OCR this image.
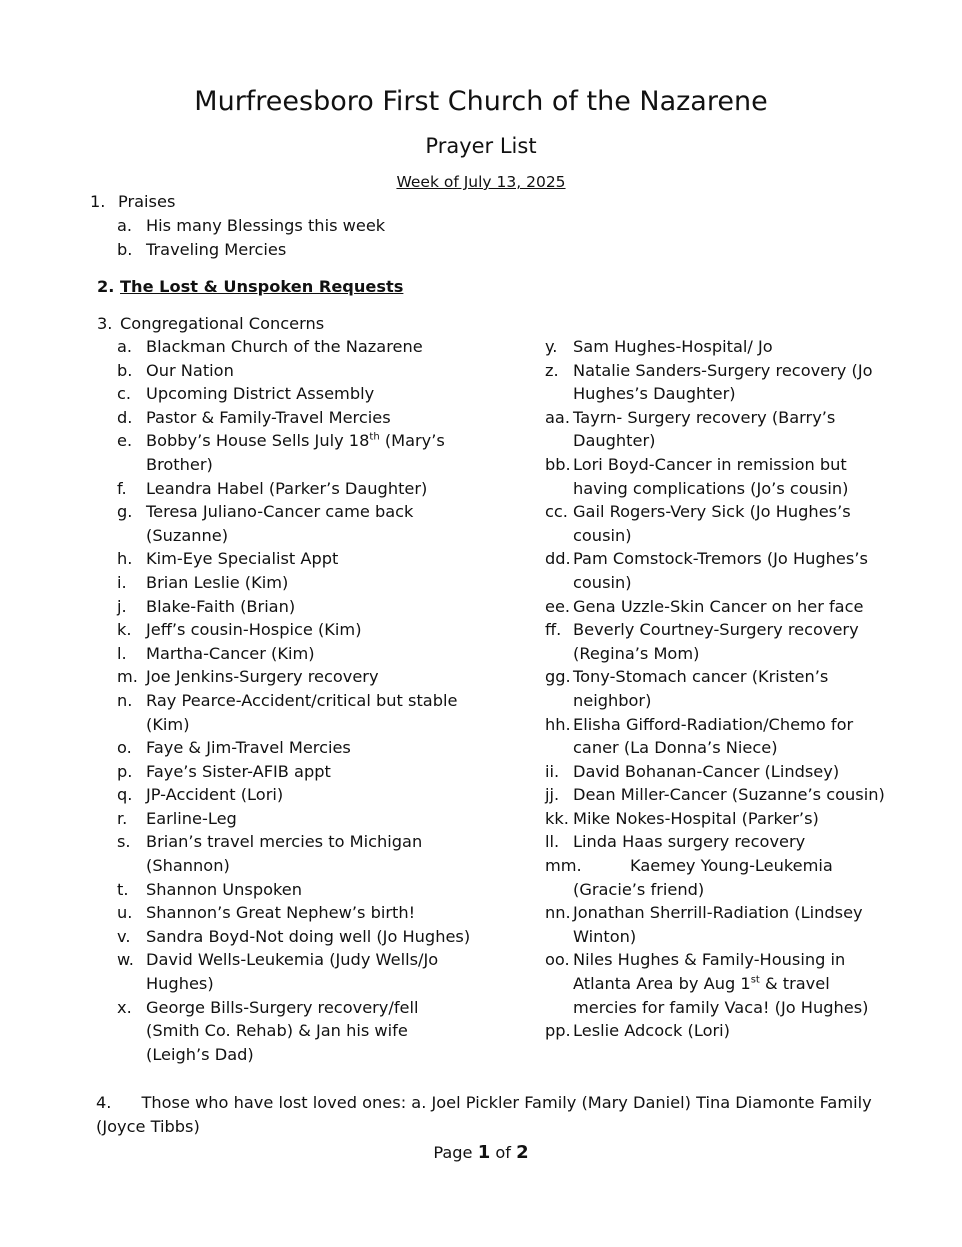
Murfreesboro First Church of the Nazarene
Prayer List
Week of July 13, 2025
1. Praises
a. His many Blessings this week
b. Traveling Mercies
2. The Lost & Unspoken Requests
3. Congregational Concerns
a. Blackman Church of the Nazarene
b. Our Nation
c. Upcoming District Assembly
d. Pastor & Family-Travel Mercies
e. Bobby’s House Sells July 18th (Mary’s Brother)
f. Leandra Habel (Parker’s Daughter)
g. Teresa Juliano-Cancer came back (Suzanne)
h. Kim-Eye Specialist Appt
i. Brian Leslie (Kim)
j. Blake-Faith (Brian)
k. Jeff’s cousin-Hospice (Kim)
l. Martha-Cancer (Kim)
m. Joe Jenkins-Surgery recovery
n. Ray Pearce-Accident/critical but stable (Kim)
o. Faye & Jim-Travel Mercies
p. Faye’s Sister-AFIB appt
q. JP-Accident (Lori)
r. Earline-Leg
s. Brian’s travel mercies to Michigan (Shannon)
t. Shannon Unspoken
u. Shannon’s Great Nephew’s birth!
v. Sandra Boyd-Not doing well (Jo Hughes)
w. David Wells-Leukemia (Judy Wells/Jo Hughes)
x. George Bills-Surgery recovery/fell (Smith Co. Rehab) & Jan his wife (Leigh’s Dad)
y. Sam Hughes-Hospital/ Jo
z. Natalie Sanders-Surgery recovery (Jo Hughes’s Daughter)
aa. Tayrn- Surgery recovery (Barry’s Daughter)
bb. Lori Boyd-Cancer in remission but having complications (Jo’s cousin)
cc. Gail Rogers-Very Sick (Jo Hughes’s cousin)
dd. Pam Comstock-Tremors (Jo Hughes’s cousin)
ee. Gena Uzzle-Skin Cancer on her face
ff. Beverly Courtney-Surgery recovery (Regina’s Mom)
gg. Tony-Stomach cancer (Kristen’s neighbor)
hh. Elisha Gifford-Radiation/Chemo for caner (La Donna’s Niece)
ii. David Bohanan-Cancer (Lindsey)
jj. Dean Miller-Cancer (Suzanne’s cousin)
kk. Mike Nokes-Hospital (Parker’s)
ll. Linda Haas surgery recovery
mm.	Kaemey Young-Leukemia (Gracie’s friend)
nn. Jonathan Sherrill-Radiation (Lindsey Winton)
oo. Niles Hughes & Family-Housing in Atlanta Area by Aug 1st & travel mercies for family Vaca! (Jo Hughes)
pp. Leslie Adcock (Lori)
4. Those who have lost loved ones: a. Joel Pickler Family (Mary Daniel) Tina Diamonte Family (Joyce Tibbs)
Page 1 of 2
